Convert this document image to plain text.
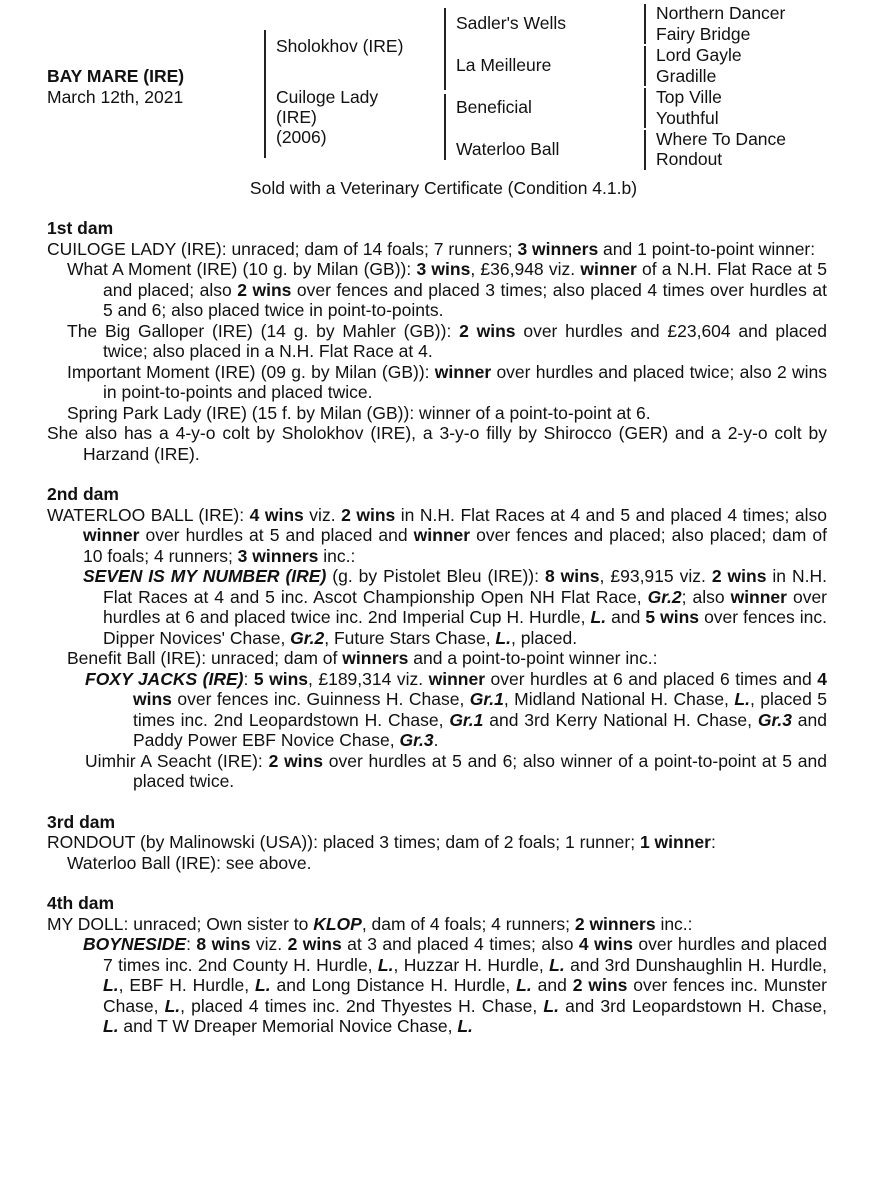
BAY MARE (IRE)
March 12th, 2021
Sholokhov (IRE)
Cuiloge Lady
(IRE)
(2006)
Sadler's Wells
La Meilleure
Beneficial
Waterloo Ball
Northern Dancer
Fairy Bridge
Lord Gayle
Gradille
Top Ville
Youthful
Where To Dance
Rondout
Sold with a Veterinary Certificate (Condition 4.1.b)
1st dam
CUILOGE LADY (IRE): unraced; dam of 14 foals; 7 runners; 3 winners and 1 point-to-point winner:
What A Moment (IRE) (10 g. by Milan (GB)): 3 wins, £36,948 viz. winner of a N.H. Flat Race at 5 and placed; also 2 wins over fences and placed 3 times; also placed 4 times over hurdles at 5 and 6; also placed twice in point-to-points.
The Big Galloper (IRE) (14 g. by Mahler (GB)): 2 wins over hurdles and £23,604 and placed twice; also placed in a N.H. Flat Race at 4.
Important Moment (IRE) (09 g. by Milan (GB)): winner over hurdles and placed twice; also 2 wins in point-to-points and placed twice.
Spring Park Lady (IRE) (15 f. by Milan (GB)): winner of a point-to-point at 6.
She also has a 4-y-o colt by Sholokhov (IRE), a 3-y-o filly by Shirocco (GER) and a 2-y-o colt by Harzand (IRE).
2nd dam
WATERLOO BALL (IRE): 4 wins viz. 2 wins in N.H. Flat Races at 4 and 5 and placed 4 times; also winner over hurdles at 5 and placed and winner over fences and placed; also placed; dam of 10 foals; 4 runners; 3 winners inc.:
SEVEN IS MY NUMBER (IRE) (g. by Pistolet Bleu (IRE)): 8 wins, £93,915 viz. 2 wins in N.H. Flat Races at 4 and 5 inc. Ascot Championship Open NH Flat Race, Gr.2; also winner over hurdles at 6 and placed twice inc. 2nd Imperial Cup H. Hurdle, L. and 5 wins over fences inc. Dipper Novices' Chase, Gr.2, Future Stars Chase, L., placed.
Benefit Ball (IRE): unraced; dam of winners and a point-to-point winner inc.:
FOXY JACKS (IRE): 5 wins, £189,314 viz. winner over hurdles at 6 and placed 6 times and 4 wins over fences inc. Guinness H. Chase, Gr.1, Midland National H. Chase, L., placed 5 times inc. 2nd Leopardstown H. Chase, Gr.1 and 3rd Kerry National H. Chase, Gr.3 and Paddy Power EBF Novice Chase, Gr.3.
Uimhir A Seacht (IRE): 2 wins over hurdles at 5 and 6; also winner of a point-to-point at 5 and placed twice.
3rd dam
RONDOUT (by Malinowski (USA)): placed 3 times; dam of 2 foals; 1 runner; 1 winner:
Waterloo Ball (IRE): see above.
4th dam
MY DOLL: unraced; Own sister to KLOP, dam of 4 foals; 4 runners; 2 winners inc.:
BOYNESIDE: 8 wins viz. 2 wins at 3 and placed 4 times; also 4 wins over hurdles and placed 7 times inc. 2nd County H. Hurdle, L., Huzzar H. Hurdle, L. and 3rd Dunshaughlin H. Hurdle, L., EBF H. Hurdle, L. and Long Distance H. Hurdle, L. and 2 wins over fences inc. Munster Chase, L., placed 4 times inc. 2nd Thyestes H. Chase, L. and 3rd Leopardstown H. Chase, L. and T W Dreaper Memorial Novice Chase, L.
